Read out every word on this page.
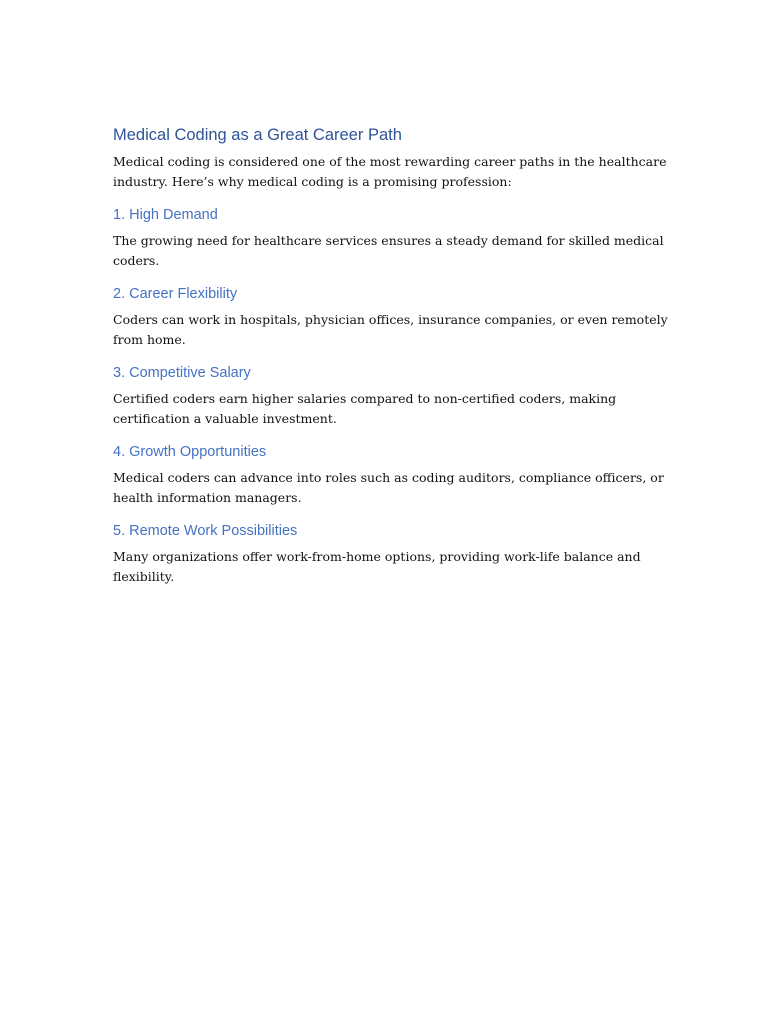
Medical Coding as a Great Career Path

Medical coding is considered one of the most rewarding career paths in the healthcare industry. Here’s why medical coding is a promising profession:

1. High Demand

The growing need for healthcare services ensures a steady demand for skilled medical coders.

2. Career Flexibility

Coders can work in hospitals, physician offices, insurance companies, or even remotely from home.

3. Competitive Salary

Certified coders earn higher salaries compared to non-certified coders, making certification a valuable investment.

4. Growth Opportunities

Medical coders can advance into roles such as coding auditors, compliance officers, or health information managers.

5. Remote Work Possibilities

Many organizations offer work-from-home options, providing work-life balance and flexibility.
